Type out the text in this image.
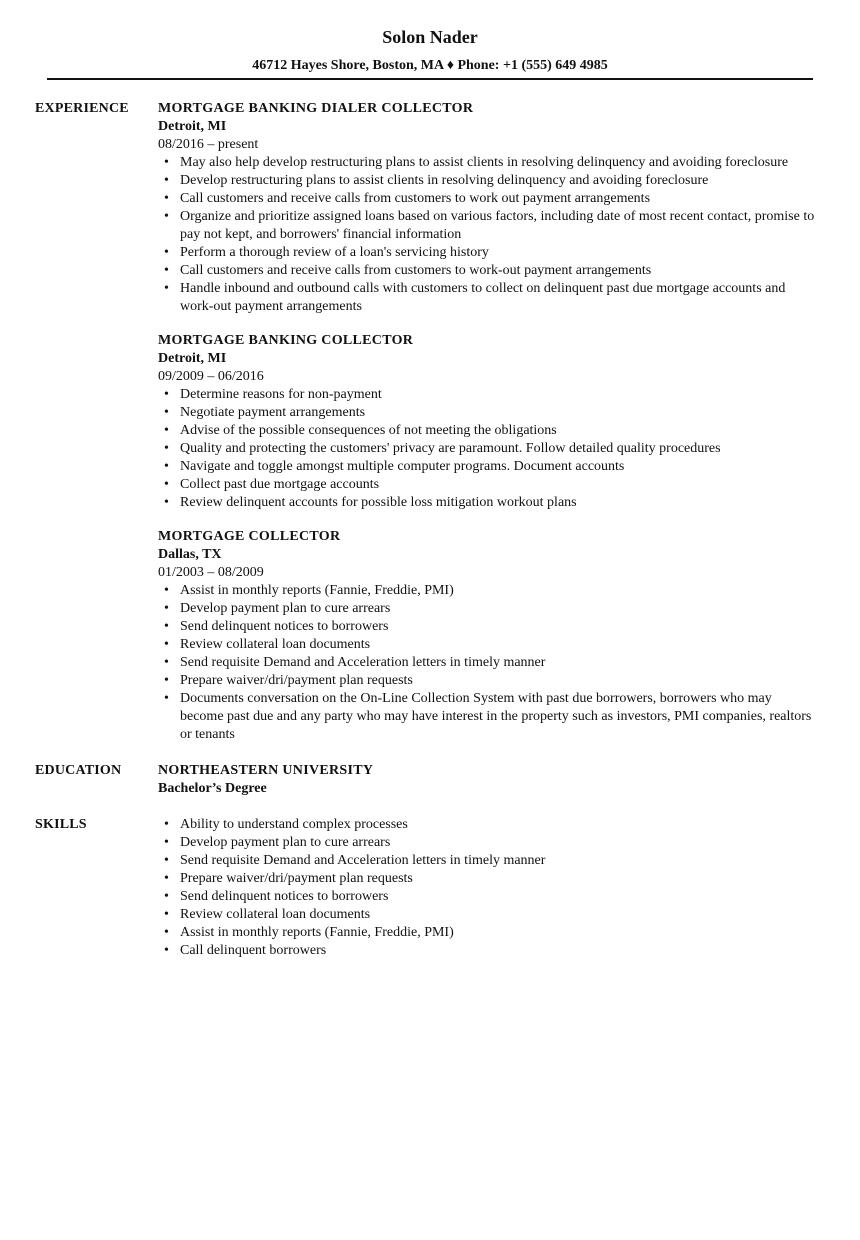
Solon Nader
46712 Hayes Shore, Boston, MA ♦ Phone: +1 (555) 649 4985
EXPERIENCE MORTGAGE BANKING DIALER COLLECTOR
Detroit, MI
08/2016 – present
• May also help develop restructuring plans to assist clients in resolving delinquency and avoiding foreclosure
• Develop restructuring plans to assist clients in resolving delinquency and avoiding foreclosure
• Call customers and receive calls from customers to work out payment arrangements
• Organize and prioritize assigned loans based on various factors, including date of most recent contact, promise to pay not kept, and borrowers' financial information
• Perform a thorough review of a loan's servicing history
• Call customers and receive calls from customers to work-out payment arrangements
• Handle inbound and outbound calls with customers to collect on delinquent past due mortgage accounts and work-out payment arrangements
MORTGAGE BANKING COLLECTOR
Detroit, MI
09/2009 – 06/2016
• Determine reasons for non-payment
• Negotiate payment arrangements
• Advise of the possible consequences of not meeting the obligations
• Quality and protecting the customers' privacy are paramount. Follow detailed quality procedures
• Navigate and toggle amongst multiple computer programs. Document accounts
• Collect past due mortgage accounts
• Review delinquent accounts for possible loss mitigation workout plans
MORTGAGE COLLECTOR
Dallas, TX
01/2003 – 08/2009
• Assist in monthly reports (Fannie, Freddie, PMI)
• Develop payment plan to cure arrears
• Send delinquent notices to borrowers
• Review collateral loan documents
• Send requisite Demand and Acceleration letters in timely manner
• Prepare waiver/dri/payment plan requests
• Documents conversation on the On-Line Collection System with past due borrowers, borrowers who may become past due and any party who may have interest in the property such as investors, PMI companies, realtors or tenants
EDUCATION	NORTHEASTERN UNIVERSITY
Bachelor’s Degree
SKILLS
•	Ability to understand complex processes
• Develop payment plan to cure arrears
• Send requisite Demand and Acceleration letters in timely manner
• Prepare waiver/dri/payment plan requests
• Send delinquent notices to borrowers
• Review collateral loan documents
• Assist in monthly reports (Fannie, Freddie, PMI)
• Call delinquent borrowers
